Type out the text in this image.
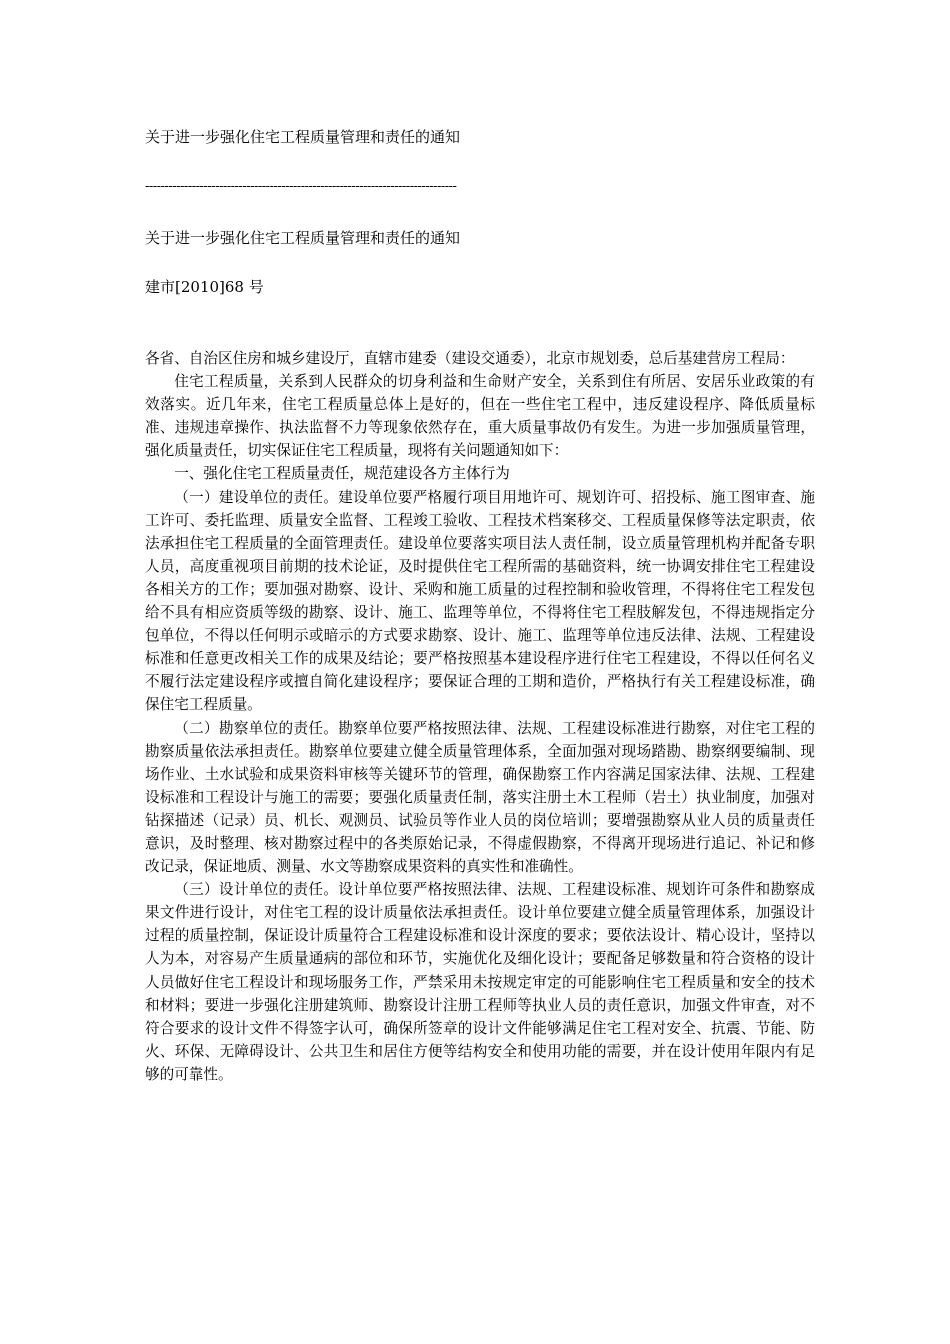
关于进一步强化住宅工程质量管理和责任的通知
--------------------------------------------------------------------------------
关于进一步强化住宅工程质量管理和责任的通知
建市[2010]68 号

各省、自治区住房和城乡建设厅，直辖市建委（建设交通委），北京市规划委，总后基建营房工程局：

住宅工程质量，关系到人民群众的切身利益和生命财产安全，关系到住有所居、安居乐业政策的有效落实。近几年来，住宅工程质量总体上是好的，但在一些住宅工程中，违反建设程序、降低质量标准、违规违章操作、执法监督不力等现象依然存在，重大质量事故仍有发生。为进一步加强质量管理，强化质量责任，切实保证住宅工程质量，现将有关问题通知如下：

一、强化住宅工程质量责任，规范建设各方主体行为

（一）建设单位的责任。建设单位要严格履行项目用地许可、规划许可、招投标、施工图审查、施工许可、委托监理、质量安全监督、工程竣工验收、工程技术档案移交、工程质量保修等法定职责，依法承担住宅工程质量的全面管理责任。建设单位要落实项目法人责任制，设立质量管理机构并配备专职人员，高度重视项目前期的技术论证，及时提供住宅工程所需的基础资料，统一协调安排住宅工程建设各相关方的工作；要加强对勘察、设计、采购和施工质量的过程控制和验收管理，不得将住宅工程发包给不具有相应资质等级的勘察、设计、施工、监理等单位，不得将住宅工程肢解发包，不得违规指定分包单位，不得以任何明示或暗示的方式要求勘察、设计、施工、监理等单位违反法律、法规、工程建设标准和任意更改相关工作的成果及结论；要严格按照基本建设程序进行住宅工程建设，不得以任何名义不履行法定建设程序或擅自简化建设程序；要保证合理的工期和造价，严格执行有关工程建设标准，确保住宅工程质量。

（二）勘察单位的责任。勘察单位要严格按照法律、法规、工程建设标准进行勘察，对住宅工程的勘察质量依法承担责任。勘察单位要建立健全质量管理体系，全面加强对现场踏勘、勘察纲要编制、现场作业、土水试验和成果资料审核等关键环节的管理，确保勘察工作内容满足国家法律、法规、工程建设标准和工程设计与施工的需要；要强化质量责任制，落实注册土木工程师（岩土）执业制度，加强对钻探描述（记录）员、机长、观测员、试验员等作业人员的岗位培训；要增强勘察从业人员的质量责任意识，及时整理、核对勘察过程中的各类原始记录，不得虚假勘察，不得离开现场进行追记、补记和修改记录，保证地质、测量、水文等勘察成果资料的真实性和准确性。

（三）设计单位的责任。设计单位要严格按照法律、法规、工程建设标准、规划许可条件和勘察成果文件进行设计，对住宅工程的设计质量依法承担责任。设计单位要建立健全质量管理体系，加强设计过程的质量控制，保证设计质量符合工程建设标准和设计深度的要求；要依法设计、精心设计，坚持以人为本，对容易产生质量通病的部位和环节，实施优化及细化设计；要配备足够数量和符合资格的设计人员做好住宅工程设计和现场服务工作，严禁采用未按规定审定的可能影响住宅工程质量和安全的技术和材料；要进一步强化注册建筑师、勘察设计注册工程师等执业人员的责任意识，加强文件审查，对不符合要求的设计文件不得签字认可，确保所签章的设计文件能够满足住宅工程对安全、抗震、节能、防火、环保、无障碍设计、公共卫生和居住方便等结构安全和使用功能的需要，并在设计使用年限内有足够的可靠性。
